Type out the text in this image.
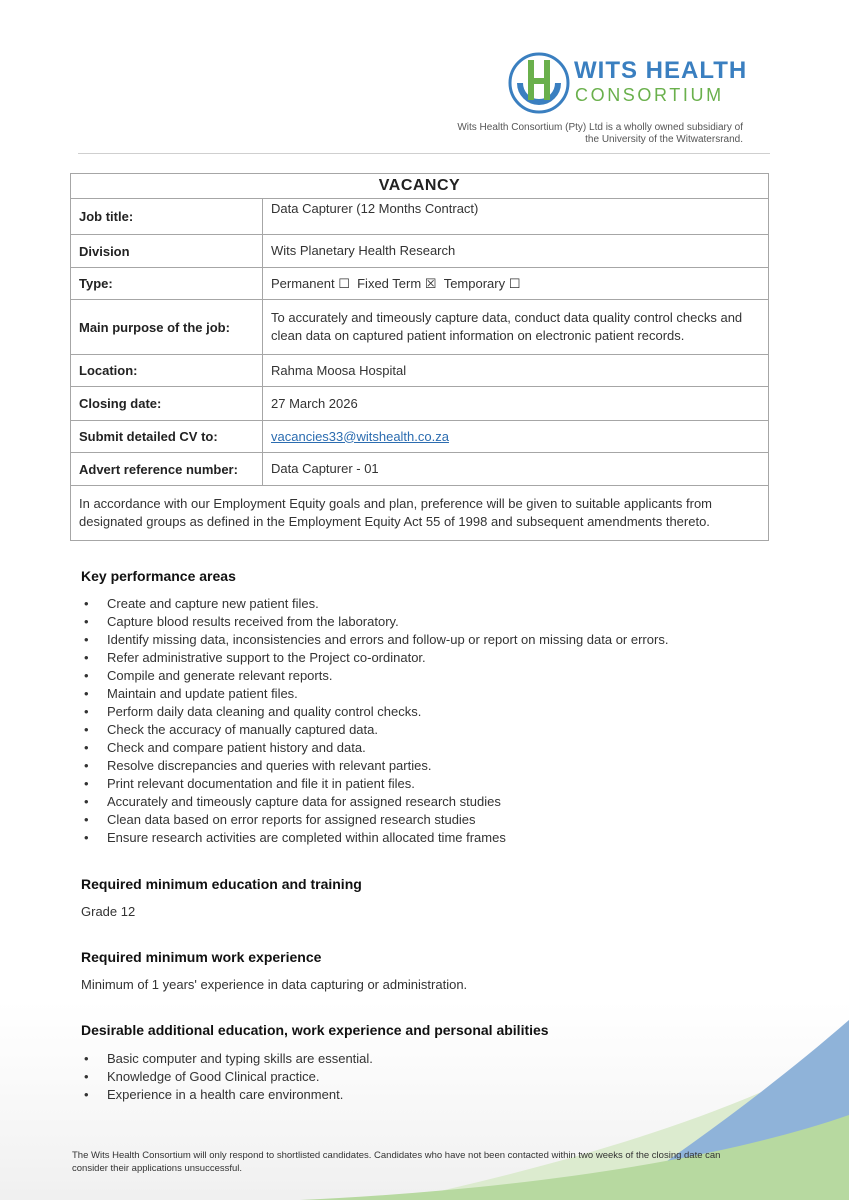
WITS HEALTH
CONSORTIUM
Wits Health Consortium (Pty) Ltd is a wholly owned subsidiary of the University of the Witwatersrand.
VACANCY	
Job title:	Data Capturer (12 Months Contract)
Division	Wits Planetary Health Research
Type:	Permanent ☐ Fixed Term ☒ Temporary ☐
Main purpose of the job:	To accurately and timeously capture data, conduct data quality control checks and clean data on captured patient information on electronic patient records.
Location:	Rahma Moosa Hospital
Closing date:	27 March 2026
Submit detailed CV to:	vacancies33@witshealth.co.za
Advert reference number:	Data Capturer - 01
In accordance with our Employment Equity goals and plan, preference will be given to suitable applicants from designated groups as defined in the Employment Equity Act 55 of 1998 and subsequent amendments thereto.	
Key performance areas
• Create and capture new patient files.
• Capture blood results received from the laboratory.
• Identify missing data, inconsistencies and errors and follow-up or report on missing data or errors.
• Refer administrative support to the Project co-ordinator.
• Compile and generate relevant reports.
• Maintain and update patient files.
• Perform daily data cleaning and quality control checks.
• Check the accuracy of manually captured data.
• Check and compare patient history and data.
• Resolve discrepancies and queries with relevant parties.
• Print relevant documentation and file it in patient files.
• Accurately and timeously capture data for assigned research studies
• Clean data based on error reports for assigned research studies
• Ensure research activities are completed within allocated time frames
Required minimum education and training

Grade 12

Required minimum work experience

Minimum of 1 years' experience in data capturing or administration.

Desirable additional education, work experience and personal abilities
• Basic computer and typing skills are essential.
• Knowledge of Good Clinical practice.
• Experience in a health care environment.
The Wits Health Consortium will only respond to shortlisted candidates. Candidates who have not been contacted within two weeks of the closing date can consider their applications unsuccessful.
